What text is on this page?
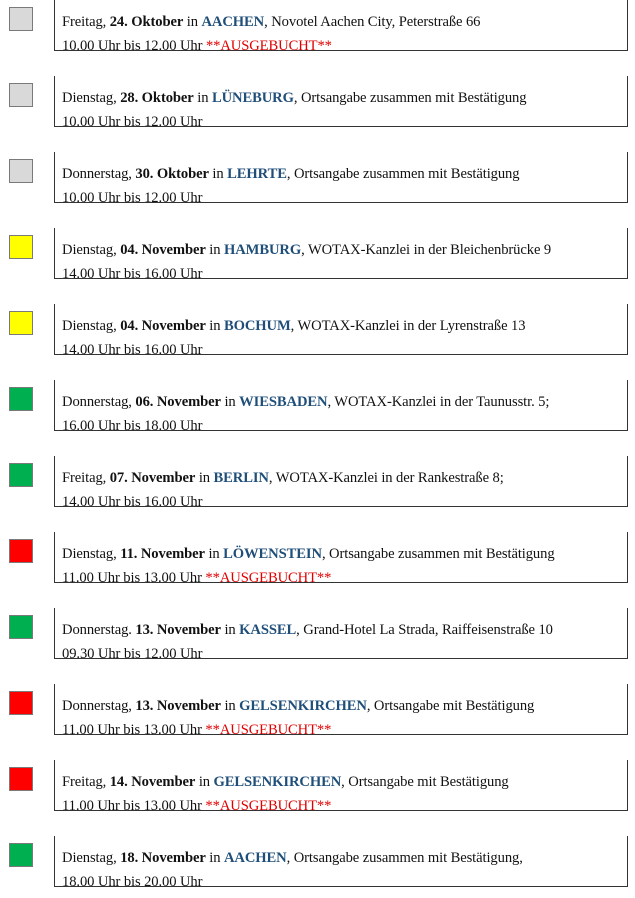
Freitag, 24. Oktober in AACHEN, Novotel Aachen City, Peterstraße 66
10.00 Uhr bis 12.00 Uhr **AUSGEBUCHT**
Dienstag, 28. Oktober in LÜNEBURG, Ortsangabe zusammen mit Bestätigung
10.00 Uhr bis 12.00 Uhr
Donnerstag, 30. Oktober in LEHRTE, Ortsangabe zusammen mit Bestätigung
10.00 Uhr bis 12.00 Uhr
Dienstag, 04. November in HAMBURG, WOTAX-Kanzlei in der Bleichenbrücke 9
14.00 Uhr bis 16.00 Uhr
Dienstag, 04. November in BOCHUM, WOTAX-Kanzlei in der Lyrenstraße 13
14.00 Uhr bis 16.00 Uhr
Donnerstag, 06. November in WIESBADEN, WOTAX-Kanzlei in der Taunusstr. 5;
16.00 Uhr bis 18.00 Uhr
Freitag, 07. November in BERLIN, WOTAX-Kanzlei in der Rankestraße 8;
14.00 Uhr bis 16.00 Uhr
Dienstag, 11. November in LÖWENSTEIN, Ortsangabe zusammen mit Bestätigung
11.00 Uhr bis 13.00 Uhr **AUSGEBUCHT**
Donnerstag. 13. November in KASSEL, Grand-Hotel La Strada, Raiffeisenstraße 10
09.30 Uhr bis 12.00 Uhr
Donnerstag, 13. November in GELSENKIRCHEN, Ortsangabe mit Bestätigung
11.00 Uhr bis 13.00 Uhr **AUSGEBUCHT**
Freitag, 14. November in GELSENKIRCHEN, Ortsangabe mit Bestätigung
11.00 Uhr bis 13.00 Uhr **AUSGEBUCHT**
Dienstag, 18. November in AACHEN, Ortsangabe zusammen mit Bestätigung,
18.00 Uhr bis 20.00 Uhr
